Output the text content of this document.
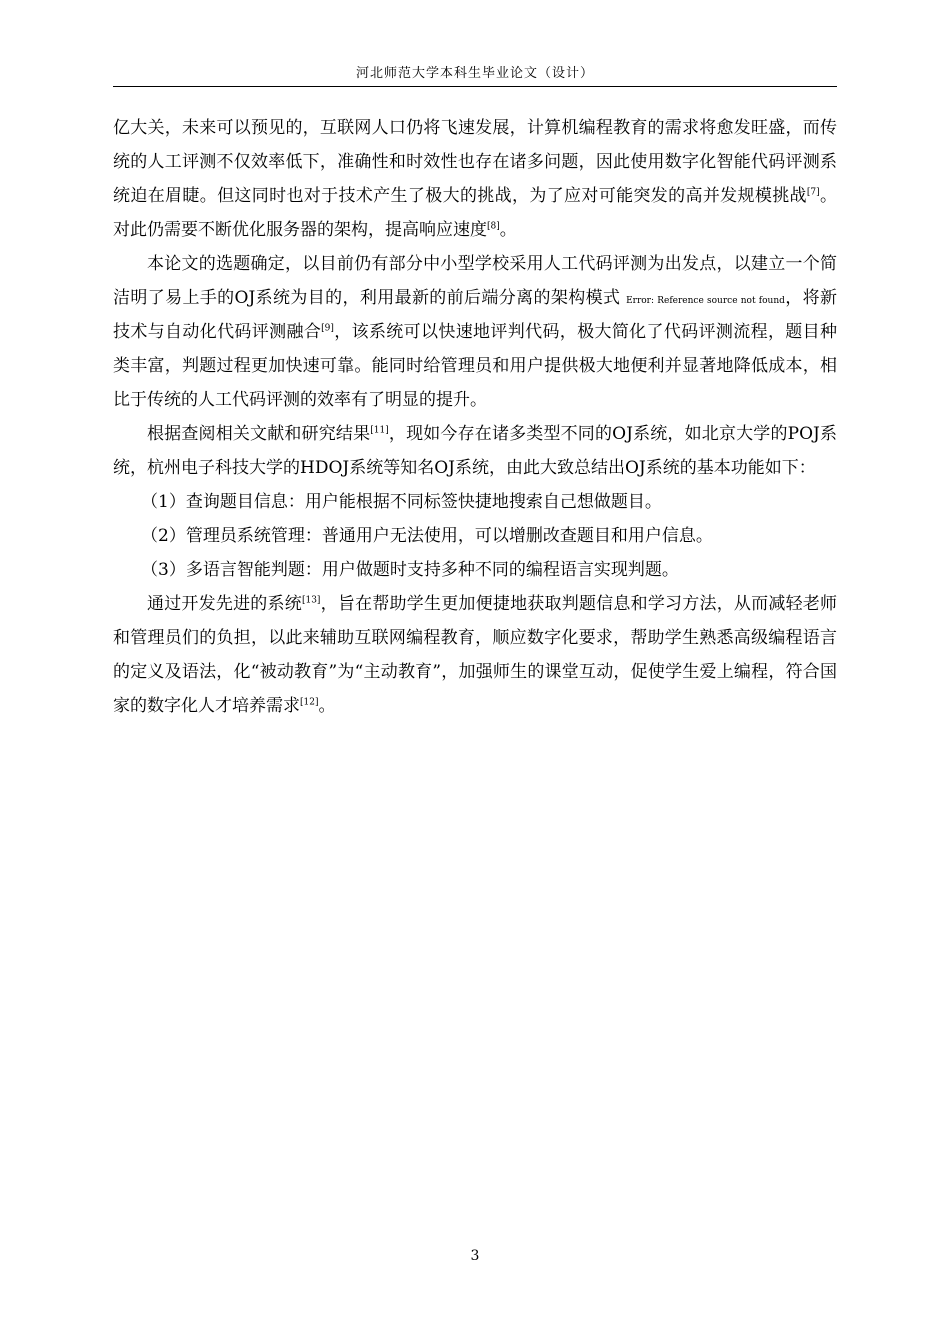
河北师范大学本科生毕业论文（设计）

亿大关，未来可以预见的，互联网人口仍将飞速发展，计算机编程教育的需求将愈发旺盛，而传统的人工评测不仅效率低下，准确性和时效性也存在诸多问题，因此使用数字化智能代码评测系统迫在眉睫。但这同时也对于技术产生了极大的挑战，为了应对可能突发的高并发规模挑战[7]。对此仍需要不断优化服务器的架构，提高响应速度[8]。

本论文的选题确定，以目前仍有部分中小型学校采用人工代码评测为出发点，以建立一个简洁明了易上手的OJ系统为目的，利用最新的前后端分离的架构模式 Error: Reference source not found，将新技术与自动化代码评测融合[9]，该系统可以快速地评判代码，极大简化了代码评测流程，题目种类丰富，判题过程更加快速可靠。能同时给管理员和用户提供极大地便利并显著地降低成本，相比于传统的人工代码评测的效率有了明显的提升。

根据查阅相关文献和研究结果[11]，现如今存在诸多类型不同的OJ系统，如北京大学的POJ系统，杭州电子科技大学的HDOJ系统等知名OJ系统，由此大致总结出OJ系统的基本功能如下：

（1）查询题目信息：用户能根据不同标签快捷地搜索自己想做题目。

（2）管理员系统管理：普通用户无法使用，可以增删改查题目和用户信息。

（3）多语言智能判题：用户做题时支持多种不同的编程语言实现判题。

通过开发先进的系统[13]，旨在帮助学生更加便捷地获取判题信息和学习方法，从而减轻老师和管理员们的负担，以此来辅助互联网编程教育，顺应数字化要求，帮助学生熟悉高级编程语言的定义及语法，化“被动教育”为“主动教育”，加强师生的课堂互动，促使学生爱上编程，符合国家的数字化人才培养需求[12]。

3
